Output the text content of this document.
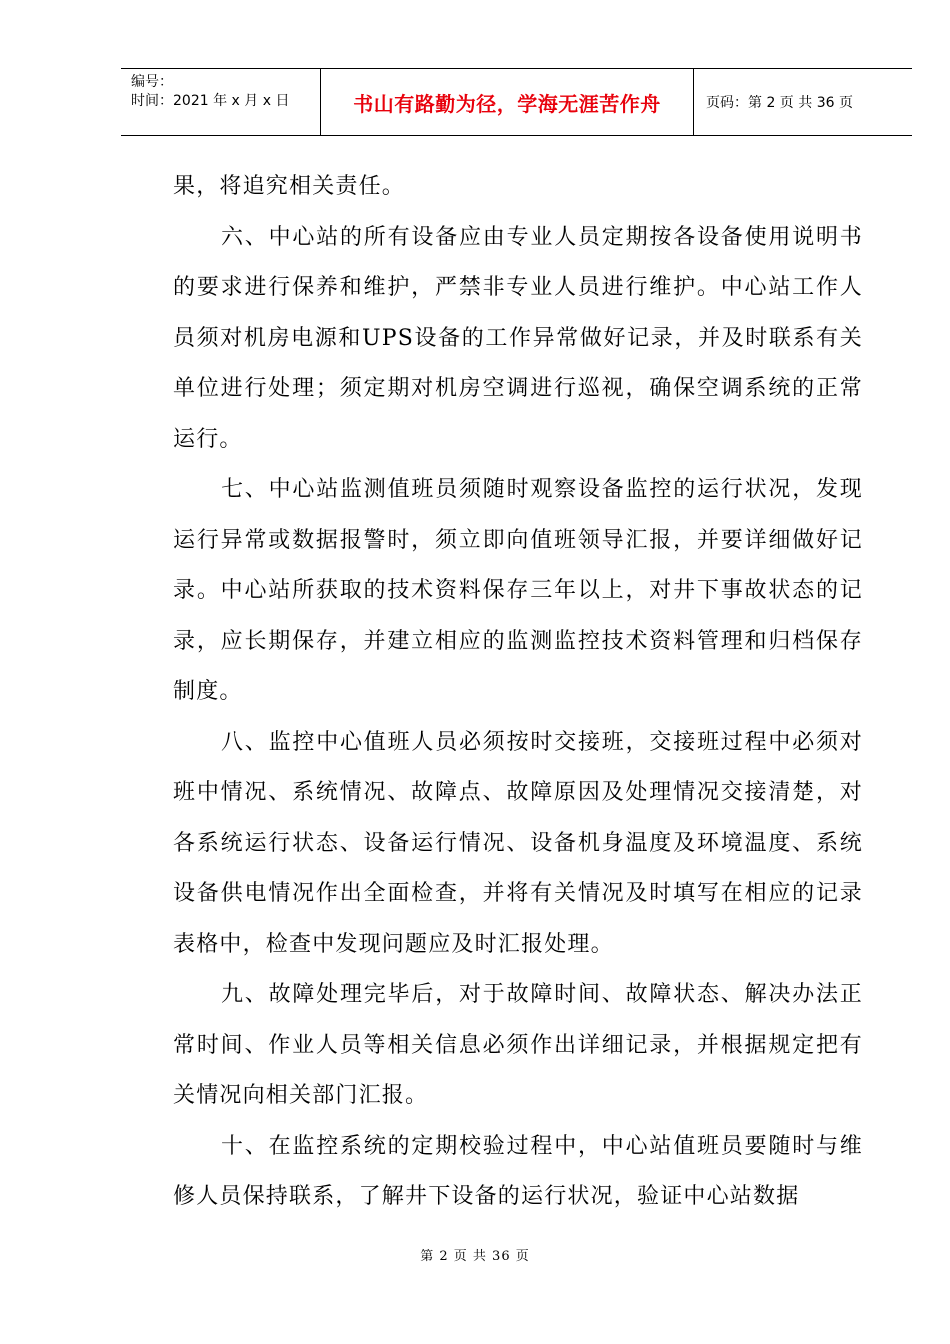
编号：
时间：2021 年 x 月 x 日	书山有路勤为径，学海无涯苦作舟	页码：第 2 页 共 36 页

果，将追究相关责任。

六、中心站的所有设备应由专业人员定期按各设备使用说明书的要求进行保养和维护，严禁非专业人员进行维护。中心站工作人员须对机房电源和UPS设备的工作异常做好记录，并及时联系有关单位进行处理；须定期对机房空调进行巡视，确保空调系统的正常运行。

七、中心站监测值班员须随时观察设备监控的运行状况，发现运行异常或数据报警时，须立即向值班领导汇报，并要详细做好记录。中心站所获取的技术资料保存三年以上，对井下事故状态的记录，应长期保存，并建立相应的监测监控技术资料管理和归档保存制度。

八、监控中心值班人员必须按时交接班，交接班过程中必须对班中情况、系统情况、故障点、故障原因及处理情况交接清楚，对各系统运行状态、设备运行情况、设备机身温度及环境温度、系统设备供电情况作出全面检查，并将有关情况及时填写在相应的记录表格中，检查中发现问题应及时汇报处理。

九、故障处理完毕后，对于故障时间、故障状态、解决办法正常时间、作业人员等相关信息必须作出详细记录，并根据规定把有关情况向相关部门汇报。

十、在监控系统的定期校验过程中，中心站值班员要随时与维修人员保持联系，了解井下设备的运行状况，验证中心站数据

第 2 页 共 36 页
